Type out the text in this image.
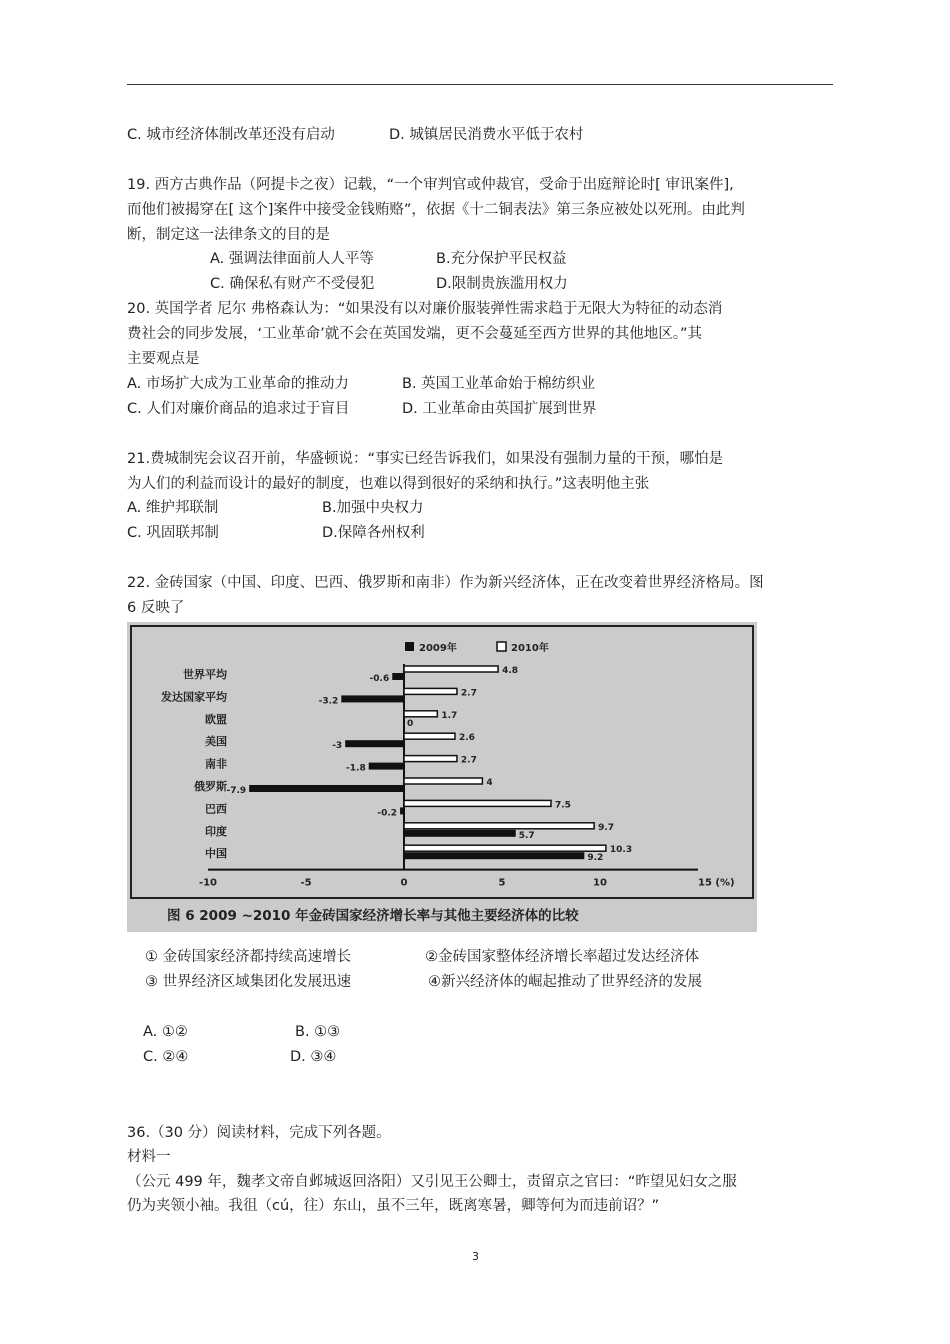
C. 城市经济体制改革还没有启动	D. 城镇居民消费水平低于农村
19. 西方古典作品（阿提卡之夜）记载，“一个审判官或仲裁官，受命于出庭辩论时[ 审讯案件],
而他们被揭穿在[ 这个]案件中接受金钱贿赂”，依据《十二铜表法》第三条应被处以死刑。由此判
断，制定这一法律条文的目的是
A. 强调法律面前人人平等	B.充分保护平民权益
C. 确保私有财产不受侵犯	D.限制贵族滥用权力
20. 英国学者 尼尔 弗格森认为：“如果没有以对廉价服装弹性需求趋于无限大为特征的动态消
费社会的同步发展，‘工业革命’就不会在英国发端，更不会蔓延至西方世界的其他地区。”其
主要观点是
A. 市场扩大成为工业革命的推动力	B. 英国工业革命始于棉纺织业
C. 人们对廉价商品的追求过于盲目	D. 工业革命由英国扩展到世界
21.费城制宪会议召开前，华盛顿说：“事实已经告诉我们，如果没有强制力量的干预，哪怕是
为人们的利益而设计的最好的制度，也难以得到很好的采纳和执行。”这表明他主张
A. 维护邦联制	B.加强中央权力
C. 巩固联邦制	D.保障各州权利
22. 金砖国家（中国、印度、巴西、俄罗斯和南非）作为新兴经济体，正在改变着世界经济格局。图
6 反映了
2009年	2010年
-10	-5	0	5	10	15 (%)
世界平均	4.8
-0.6
发达国家平均	2.7
-3.2
欧盟	1.7
0
美国	2.6
-3
南非	2.7
-1.8
俄罗斯	4
-7.9
巴西	7.5
-0.2
印度	9.7
5.7
中国	10.3
9.2
图 6 2009 ~2010 年金砖国家经济增长率与其他主要经济体的比较
① 金砖国家经济都持续高速增长	②金砖国家整体经济增长率超过发达经济体
③ 世界经济区域集团化发展迅速	④新兴经济体的崛起推动了世界经济的发展
A. ①②	B. ①③
C. ②④	D. ③④
36.（30 分）阅读材料，完成下列各题。
材料一
（公元 499 年，魏孝文帝自邺城返回洛阳）又引见王公卿士，责留京之官曰：“昨望见妇女之服
仍为夹领小袖。我徂（cú，往）东山，虽不三年，既离寒暑，卿等何为而违前诏？”
3
